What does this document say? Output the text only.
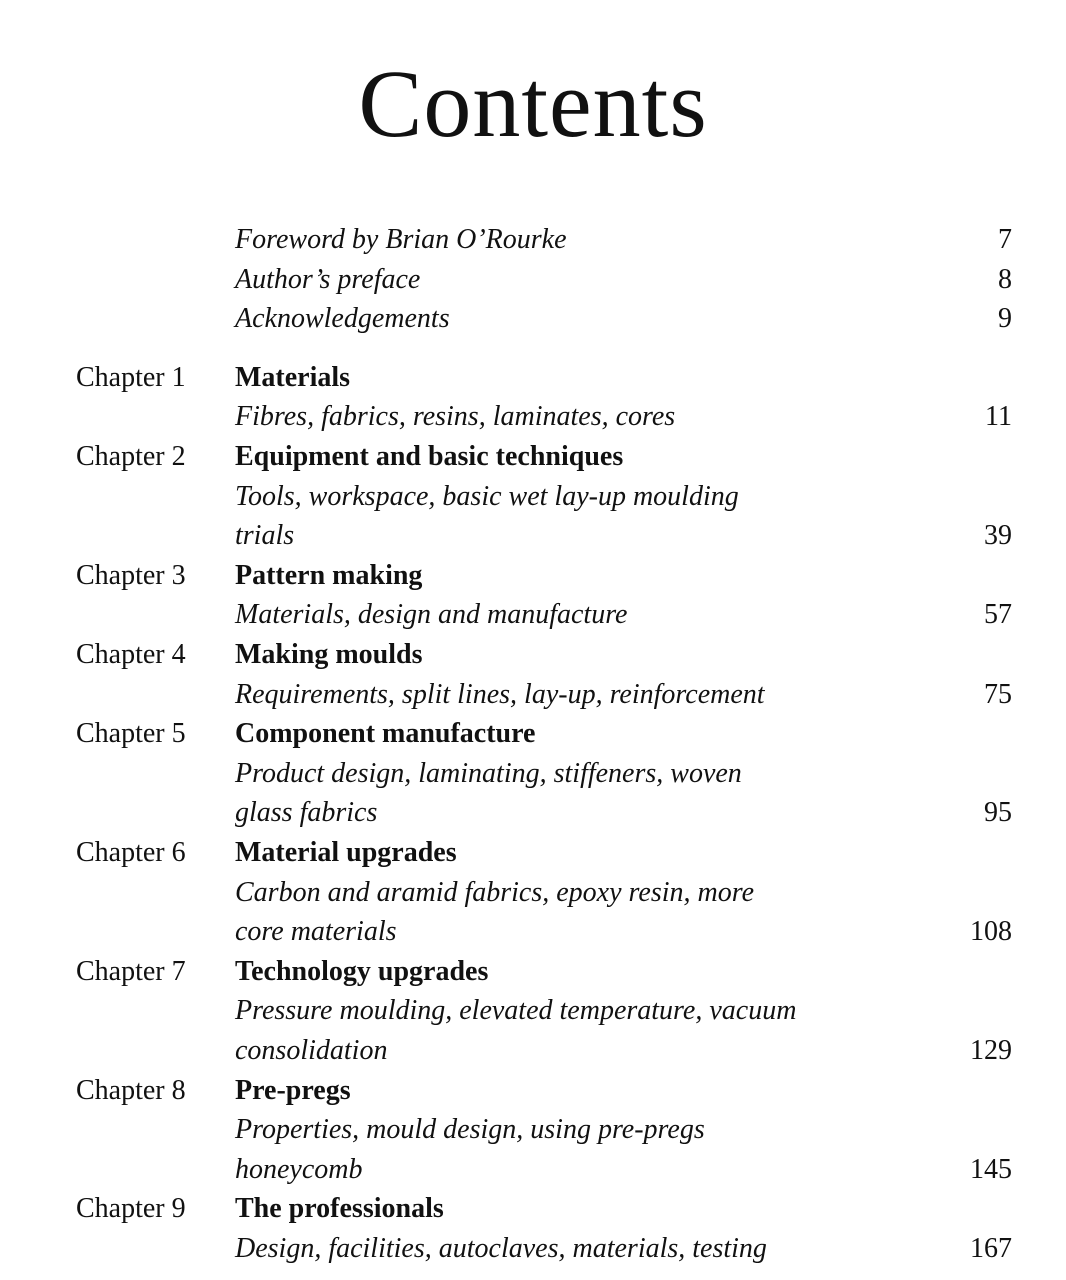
Contents
Foreword by Brian O’Rourke	7
Author’s preface	8
Acknowledgements	9
Chapter 1 Materials
Fibres, fabrics, resins, laminates, cores	11
Chapter 2 Equipment and basic techniques
Tools, workspace, basic wet lay-up moulding
trials	39
Chapter 3 Pattern making
Materials, design and manufacture	57
Chapter 4 Making moulds
Requirements, split lines, lay-up, reinforcement	75
Chapter 5 Component manufacture
Product design, laminating, stiffeners, woven
glass fabrics	95
Chapter 6 Material upgrades
Carbon and aramid fabrics, epoxy resin, more
core materials	108
Chapter 7 Technology upgrades
Pressure moulding, elevated temperature, vacuum
consolidation	129
Chapter 8 Pre-pregs
Properties, mould design, using pre-pregs
honeycomb	145
Chapter 9 The professionals
Design, facilities, autoclaves, materials, testing	167
